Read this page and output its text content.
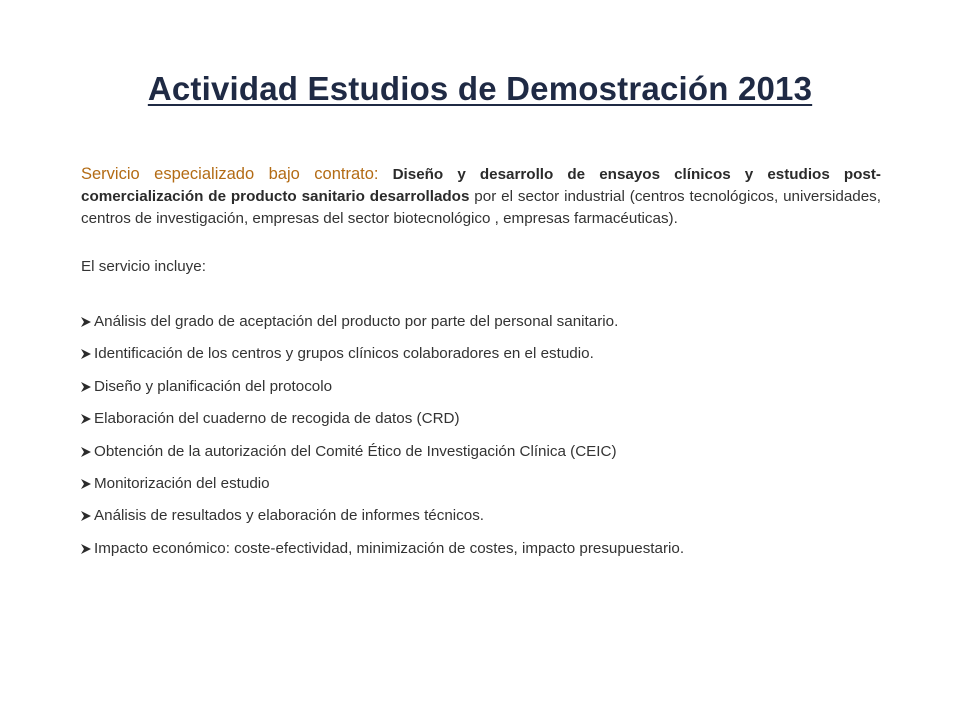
Actividad Estudios de Demostración 2013
Servicio especializado bajo contrato: Diseño y desarrollo de ensayos clínicos y estudios post-comercialización de producto sanitario desarrollados por el sector industrial (centros tecnológicos, universidades, centros de investigación, empresas del sector biotecnológico , empresas farmacéuticas).
El servicio incluye:
Análisis del grado de aceptación del producto por parte del personal sanitario.
Identificación de los centros y grupos clínicos colaboradores en el estudio.
Diseño y planificación del protocolo
Elaboración del cuaderno de recogida de datos (CRD)
Obtención de la autorización del Comité Ético de Investigación Clínica (CEIC)
Monitorización del estudio
Análisis de resultados y elaboración de informes técnicos.
Impacto económico: coste-efectividad, minimización de costes, impacto presupuestario.
